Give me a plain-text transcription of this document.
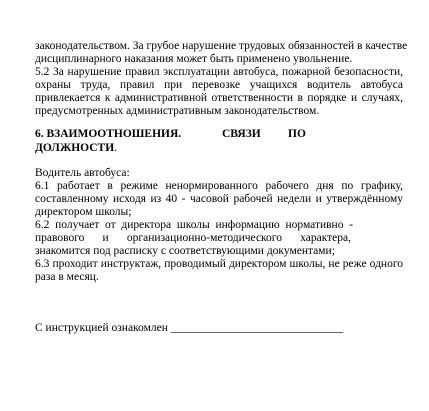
законодательством. За грубое нарушение трудовых обязанностей в качестве
дисциплинарного наказания может быть применено увольнение.
5.2 За нарушение правил эксплуатации автобуса, пожарной безопасности,
охраны труда, правил при перевозке учащихся водитель автобуса
привлекается к административной ответственности в порядке и случаях,
предусмотренных административным законодательством.
6. ВЗАИМООТНОШЕНИЯ.	СВЯЗИ ПО
ДОЛЖНОСТИ.
Водитель автобуса:
6.1 работает в режиме ненормированного рабочего дня по графику,
составленному исходя из 40 - часовой рабочей недели и утверждённому
директором школы;
6.2 получает от директора школы информацию нормативно -
правового и организационно-методического характера,
знакомится под расписку с соответствующими документами;
6.3 проходит инструктаж, проводимый директором школы, не реже одного
раза в месяц.
С инструкцией ознакомлен ______________________________
